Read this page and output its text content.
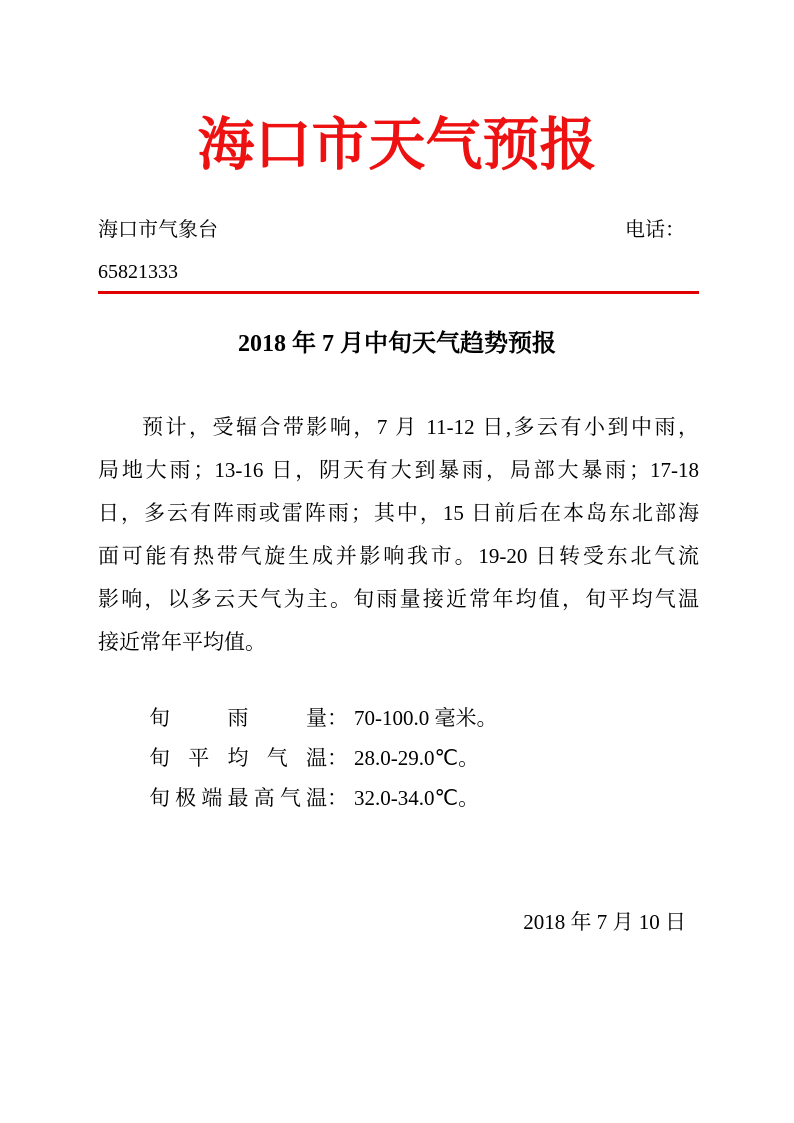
海口市天气预报
海口市气象台	电话：
65821333
2018 年 7 月中旬天气趋势预报
预计，受辐合带影响，7 月 11-12 日,多云有小到中雨，
局地大雨；13-16 日，阴天有大到暴雨，局部大暴雨；17-18
日，多云有阵雨或雷阵雨；其中，15 日前后在本岛东北部海
面可能有热带气旋生成并影响我市。19-20 日转受东北气流
影响，以多云天气为主。旬雨量接近常年均值，旬平均气温
接近常年平均值。
旬雨量： 70-100.0 毫米。
旬平均气温： 28.0-29.0℃。
旬极端最高气温： 32.0-34.0℃。
2018 年 7 月 10 日
